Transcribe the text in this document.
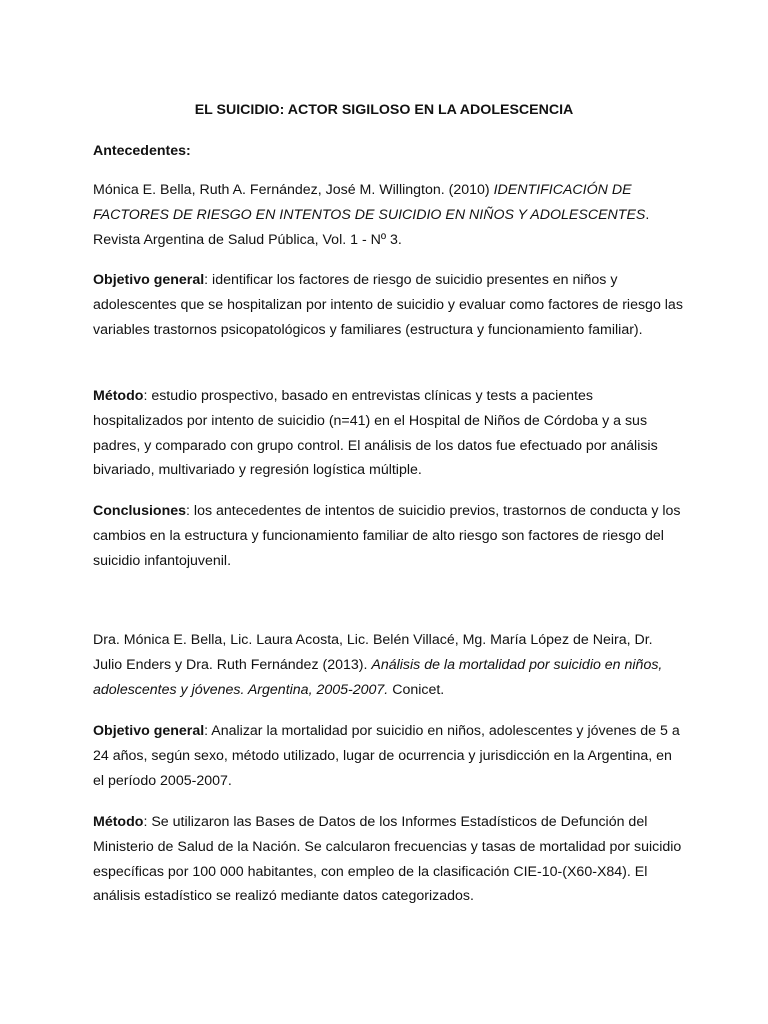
EL SUICIDIO: ACTOR SIGILOSO EN LA ADOLESCENCIA

Antecedentes:

Mónica E. Bella, Ruth A. Fernández, José M. Willington. (2010) IDENTIFICACIÓN DE FACTORES DE RIESGO EN INTENTOS DE SUICIDIO EN NIÑOS Y ADOLESCENTES. Revista Argentina de Salud Pública, Vol. 1 - Nº 3.

Objetivo general: identificar los factores de riesgo de suicidio presentes en niños y adolescentes que se hospitalizan por intento de suicidio y evaluar como factores de riesgo las variables trastornos psicopatológicos y familiares (estructura y funcionamiento familiar).

Método: estudio prospectivo, basado en entrevistas clínicas y tests a pacientes hospitalizados por intento de suicidio (n=41) en el Hospital de Niños de Córdoba y a sus padres, y comparado con grupo control. El análisis de los datos fue efectuado por análisis bivariado, multivariado y regresión logística múltiple.

Conclusiones: los antecedentes de intentos de suicidio previos, trastornos de conducta y los cambios en la estructura y funcionamiento familiar de alto riesgo son factores de riesgo del suicidio infantojuvenil.

Dra. Mónica E. Bella, Lic. Laura Acosta, Lic. Belén Villacé, Mg. María López de Neira, Dr. Julio Enders y Dra. Ruth Fernández (2013). Análisis de la mortalidad por suicidio en niños, adolescentes y jóvenes. Argentina, 2005-2007. Conicet.

Objetivo general: Analizar la mortalidad por suicidio en niños, adolescentes y jóvenes de 5 a 24 años, según sexo, método utilizado, lugar de ocurrencia y jurisdicción en la Argentina, en el período 2005-2007.

Método: Se utilizaron las Bases de Datos de los Informes Estadísticos de Defunción del Ministerio de Salud de la Nación. Se calcularon frecuencias y tasas de mortalidad por suicidio específicas por 100 000 habitantes, con empleo de la clasificación CIE-10-(X60-X84). El análisis estadístico se realizó mediante datos categorizados.
